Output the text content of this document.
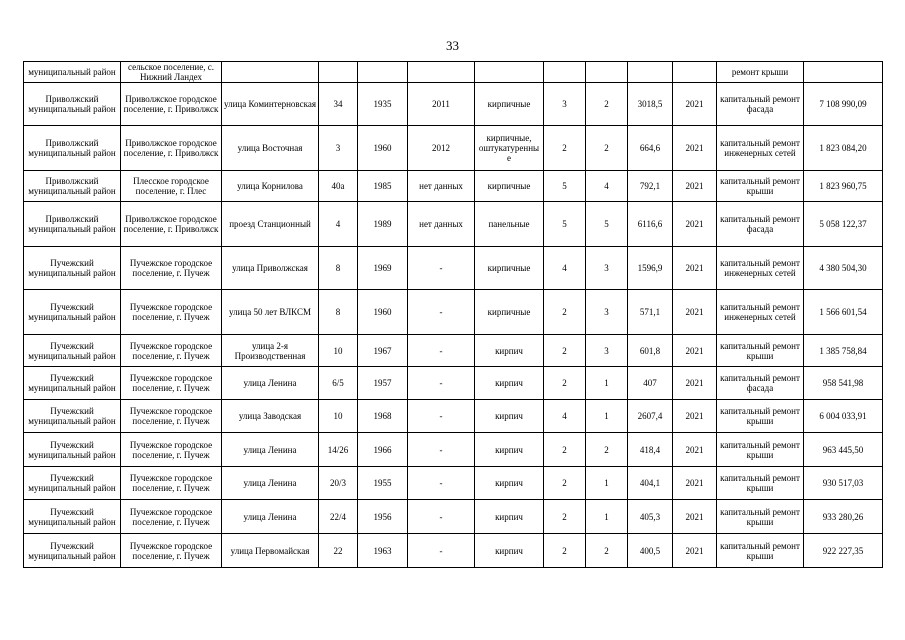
33
муниципальный район	сельское поселение, с. Нижний Ландех										ремонт крыши	
Приволжский муниципальный район	Приволжское городское поселение, г. Приволжск	улица Коминтерновская	34	1935	2011	кирпичные	3	2	3018,5	2021	капитальный ремонт фасада	7 108 990,09
Приволжский муниципальный район	Приволжское городское поселение, г. Приволжск	улица Восточная	3	1960	2012	кирпичные, оштукатуренные	2	2	664,6	2021	капитальный ремонт инженерных сетей	1 823 084,20
Приволжский муниципальный район	Плесское городское поселение, г. Плес	улица Корнилова	40а	1985	нет данных	кирпичные	5	4	792,1	2021	капитальный ремонт крыши	1 823 960,75
Приволжский муниципальный район	Приволжское городское поселение, г. Приволжск	проезд Станционный	4	1989	нет данных	панельные	5	5	6116,6	2021	капитальный ремонт фасада	5 058 122,37
Пучежский муниципальный район	Пучежское городское поселение, г. Пучеж	улица Приволжская	8	1969	-	кирпичные	4	3	1596,9	2021	капитальный ремонт инженерных сетей	4 380 504,30
Пучежский муниципальный район	Пучежское городское поселение, г. Пучеж	улица 50 лет ВЛКСМ	8	1960	-	кирпичные	2	3	571,1	2021	капитальный ремонт инженерных сетей	1 566 601,54
Пучежский муниципальный район	Пучежское городское поселение, г. Пучеж	улица 2-я Производственная	10	1967	-	кирпич	2	3	601,8	2021	капитальный ремонт крыши	1 385 758,84
Пучежский муниципальный район	Пучежское городское поселение, г. Пучеж	улица Ленина	6/5	1957	-	кирпич	2	1	407	2021	капитальный ремонт фасада	958 541,98
Пучежский муниципальный район	Пучежское городское поселение, г. Пучеж	улица Заводская	10	1968	-	кирпич	4	1	2607,4	2021	капитальный ремонт крыши	6 004 033,91
Пучежский муниципальный район	Пучежское городское поселение, г. Пучеж	улица Ленина	14/26	1966	-	кирпич	2	2	418,4	2021	капитальный ремонт крыши	963 445,50
Пучежский муниципальный район	Пучежское городское поселение, г. Пучеж	улица Ленина	20/3	1955	-	кирпич	2	1	404,1	2021	капитальный ремонт крыши	930 517,03
Пучежский муниципальный район	Пучежское городское поселение, г. Пучеж	улица Ленина	22/4	1956	-	кирпич	2	1	405,3	2021	капитальный ремонт крыши	933 280,26
Пучежский муниципальный район	Пучежское городское поселение, г. Пучеж	улица Первомайская	22	1963	-	кирпич	2	2	400,5	2021	капитальный ремонт крыши	922 227,35
